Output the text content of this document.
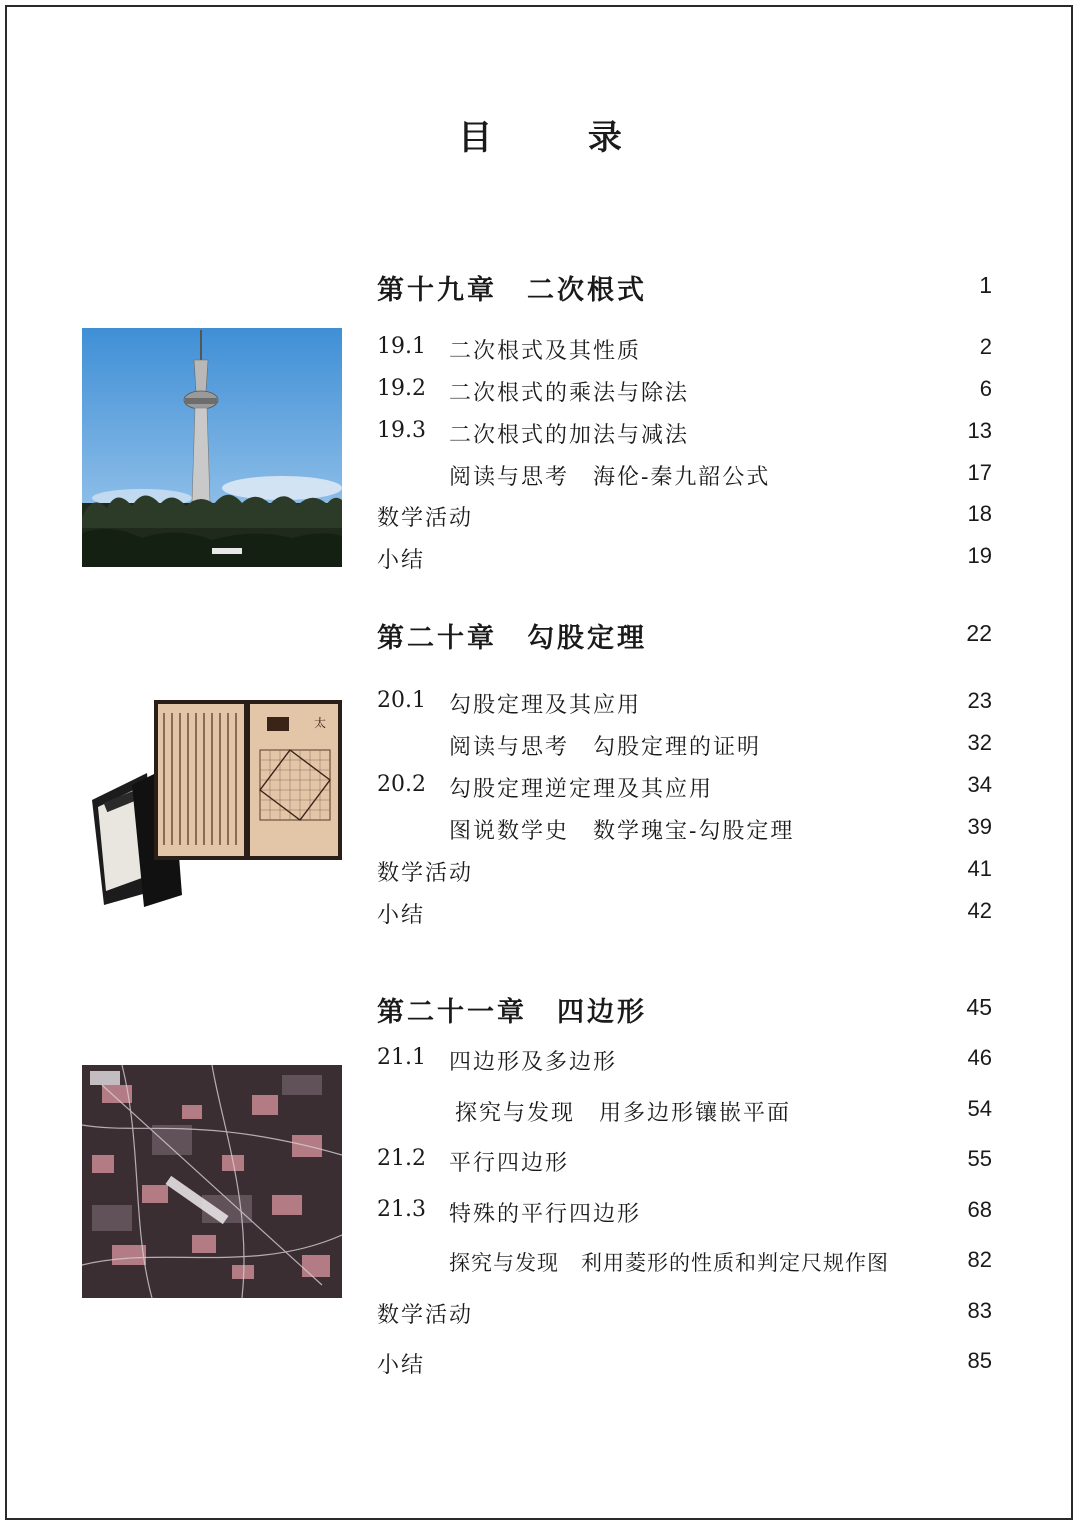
目 录
第十九章　二次根式	1
19.1 二次根式及其性质	2
19.2 二次根式的乘法与除法	6
19.3 二次根式的加法与减法	13
阅读与思考　海伦-秦九韶公式	17
数学活动	18
小结	19
第二十章　勾股定理	22
20.1 勾股定理及其应用	23
阅读与思考　勾股定理的证明	32
20.2 勾股定理逆定理及其应用	34
图说数学史　数学瑰宝-勾股定理	39
数学活动	41
小结	42
太
第二十一章　四边形	45
21.1 四边形及多边形	46
探究与发现　用多边形镶嵌平面	54
21.2 平行四边形	55
21.3 特殊的平行四边形	68
探究与发现　利用菱形的性质和判定尺规作图	82
数学活动	83
小结	85
